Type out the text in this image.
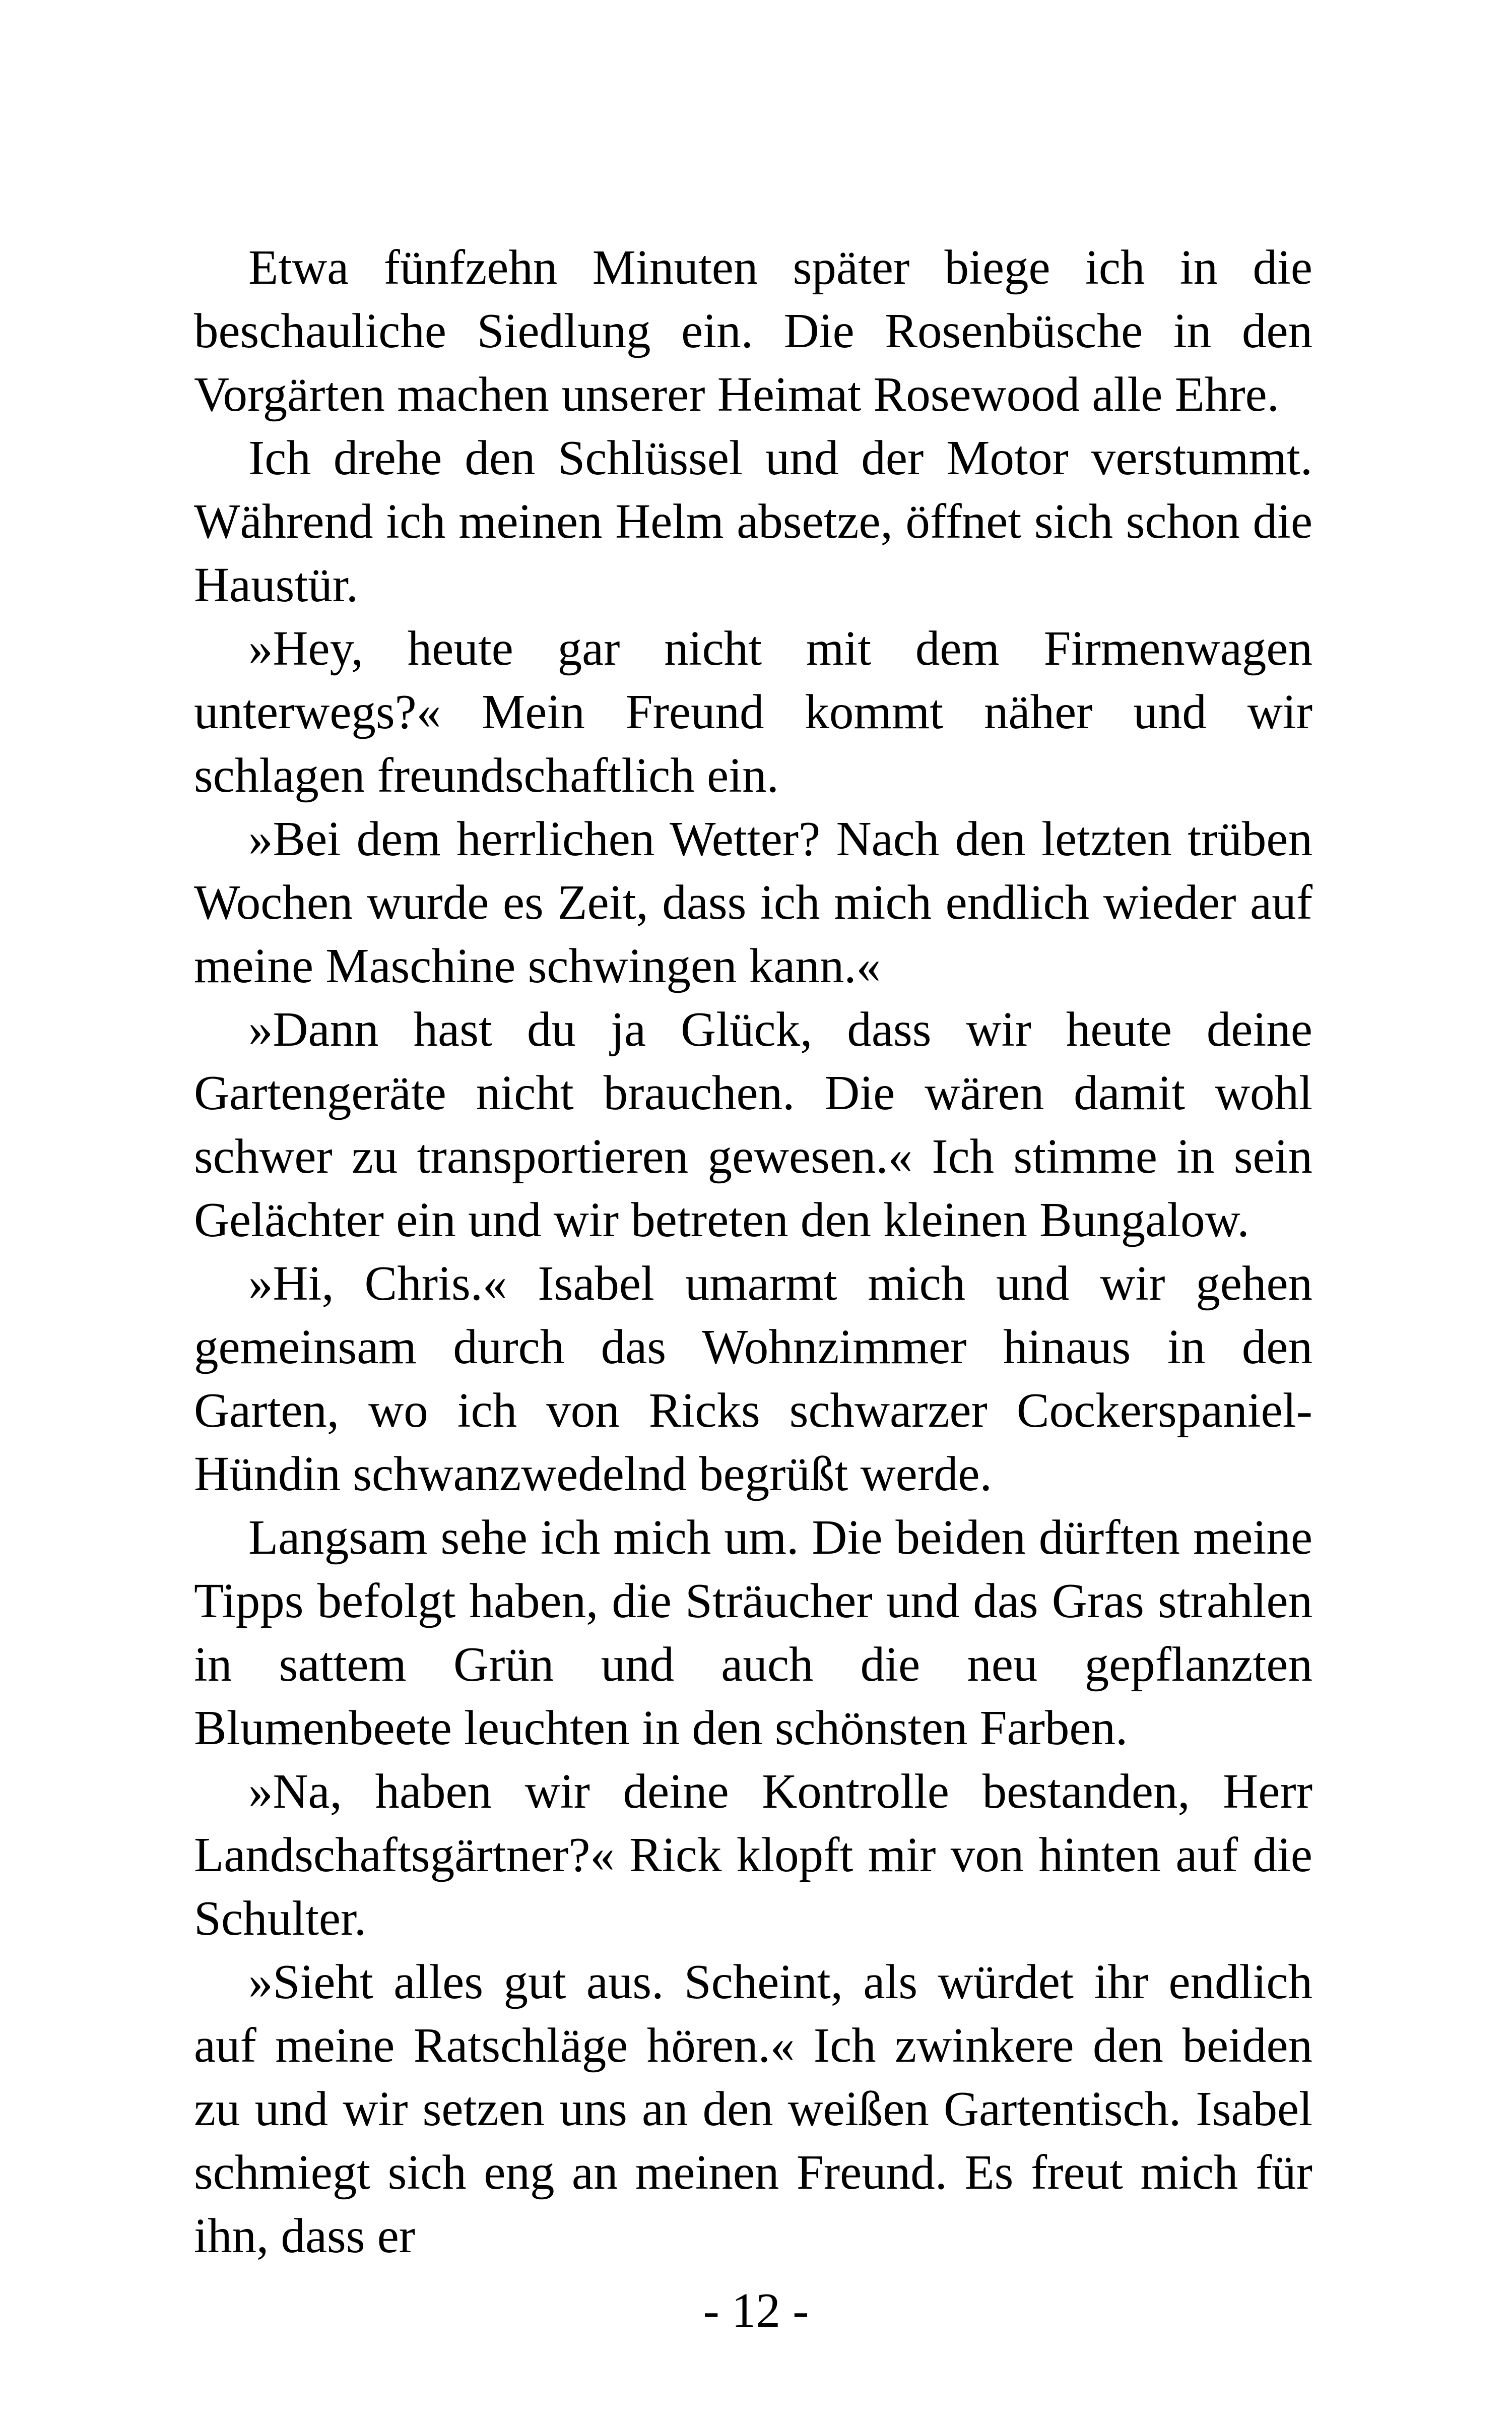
Etwa fünfzehn Minuten später biege ich in die beschauliche Siedlung ein. Die Rosenbüsche in den Vorgärten machen unserer Heimat Rosewood alle Ehre.

Ich drehe den Schlüssel und der Motor verstummt. Während ich meinen Helm absetze, öffnet sich schon die Haustür.

»Hey, heute gar nicht mit dem Firmenwagen unterwegs?« Mein Freund kommt näher und wir schlagen freundschaftlich ein.

»Bei dem herrlichen Wetter? Nach den letzten trüben Wochen wurde es Zeit, dass ich mich endlich wieder auf meine Maschine schwingen kann.«

»Dann hast du ja Glück, dass wir heute deine Gartengeräte nicht brauchen. Die wären damit wohl schwer zu transportieren gewesen.« Ich stimme in sein Gelächter ein und wir betreten den kleinen Bungalow.

»Hi, Chris.« Isabel umarmt mich und wir gehen gemeinsam durch das Wohnzimmer hinaus in den Garten, wo ich von Ricks schwarzer Cockerspaniel-Hündin schwanzwedelnd begrüßt werde.

Langsam sehe ich mich um. Die beiden dürften meine Tipps befolgt haben, die Sträucher und das Gras strahlen in sattem Grün und auch die neu gepflanzten Blumenbeete leuchten in den schönsten Farben.

»Na, haben wir deine Kontrolle bestanden, Herr Landschaftsgärtner?« Rick klopft mir von hinten auf die Schulter.

»Sieht alles gut aus. Scheint, als würdet ihr endlich auf meine Ratschläge hören.« Ich zwinkere den beiden zu und wir setzen uns an den weißen Gartentisch. Isabel schmiegt sich eng an meinen Freund. Es freut mich für ihn, dass er

- 12 -
